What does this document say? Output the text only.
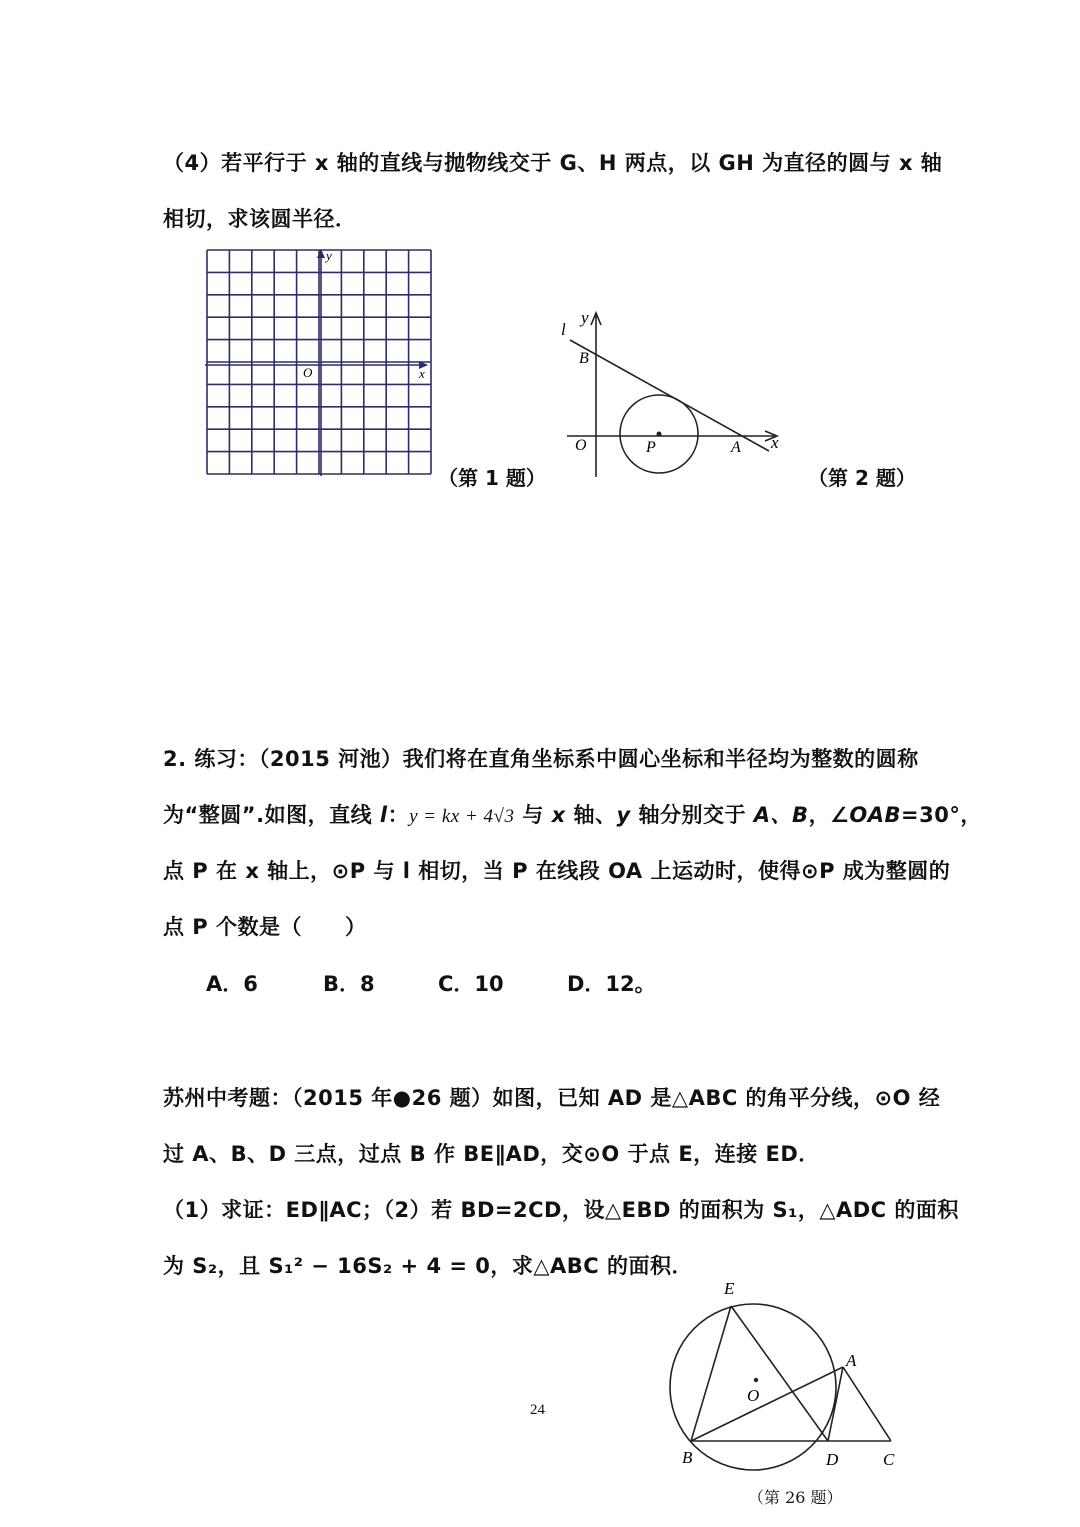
（4）若平行于 x 轴的直线与抛物线交于 G、H 两点，以 GH 为直径的圆与 x 轴
相切，求该圆半径．
O	x
y
（第 1 题）
l
y
B
O	P	A x
（第 2 题）
2. 练习：（2015 河池）我们将在直角坐标系中圆心坐标和半径均为整数的圆称
为“整圆”.如图，直线 l：y = kx + 4√3 与 x 轴、y 轴分别交于 A、B，∠OAB=30°，
点 P 在 x 轴上，⊙P 与 l 相切，当 P 在线段 OA 上运动时，使得⊙P 成为整圆的
点 P 个数是（　　）
A．6	B．8	C．10	D．12。
苏州中考题：（2015 年●26 题）如图，已知 AD 是△ABC 的角平分线，⊙O 经
过 A、B、D 三点，过点 B 作 BE∥AD，交⊙O 于点 E，连接 ED．
（1）求证：ED∥AC；（2）若 BD=2CD，设△EBD 的面积为 S₁，△ADC 的面积
为 S₂，且 S₁² − 16S₂ + 4 = 0，求△ABC 的面积．
24
E
A
O
B	D	C
（第 26 题）
